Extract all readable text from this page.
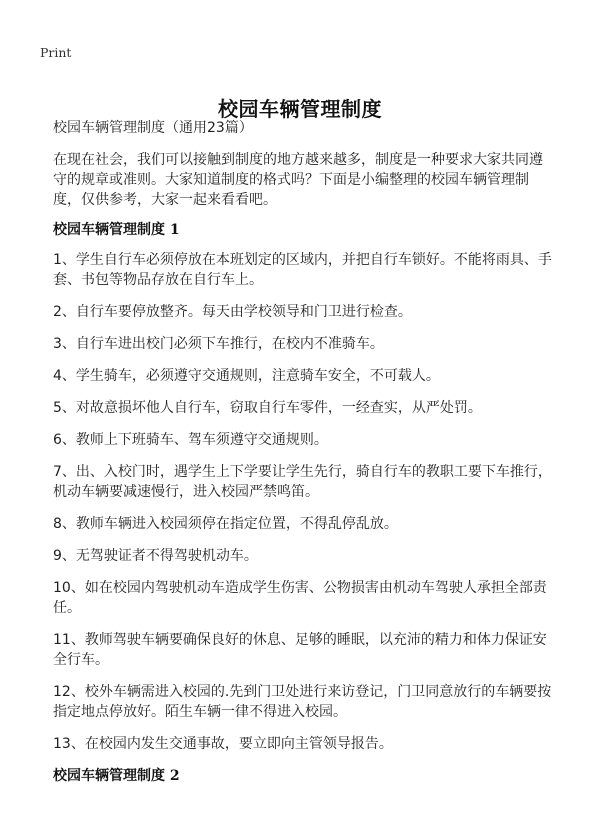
Print
校园车辆管理制度

校园车辆管理制度（通用23篇）

在现在社会，我们可以接触到制度的地方越来越多，制度是一种要求大家共同遵守的规章或准则。大家知道制度的格式吗？下面是小编整理的校园车辆管理制度，仅供参考，大家一起来看看吧。

校园车辆管理制度 1
1、学生自行车必须停放在本班划定的区域内，并把自行车锁好。不能将雨具、手套、书包等物品存放在自行车上。
2、自行车要停放整齐。每天由学校领导和门卫进行检查。
3、自行车进出校门必须下车推行，在校内不准骑车。
4、学生骑车，必须遵守交通规则，注意骑车安全，不可载人。
5、对故意损坏他人自行车，窃取自行车零件，一经查实，从严处罚。
6、教师上下班骑车、驾车须遵守交通规则。
7、出、入校门时，遇学生上下学要让学生先行，骑自行车的教职工要下车推行，机动车辆要减速慢行，进入校园严禁鸣笛。
8、教师车辆进入校园须停在指定位置，不得乱停乱放。
9、无驾驶证者不得驾驶机动车。
10、如在校园内驾驶机动车造成学生伤害、公物损害由机动车驾驶人承担全部责任。
11、教师驾驶车辆要确保良好的休息、足够的睡眠，以充沛的精力和体力保证安全行车。
12、校外车辆需进入校园的.先到门卫处进行来访登记，门卫同意放行的车辆要按指定地点停放好。陌生车辆一律不得进入校园。
13、在校园内发生交通事故，要立即向主管领导报告。
校园车辆管理制度 2
